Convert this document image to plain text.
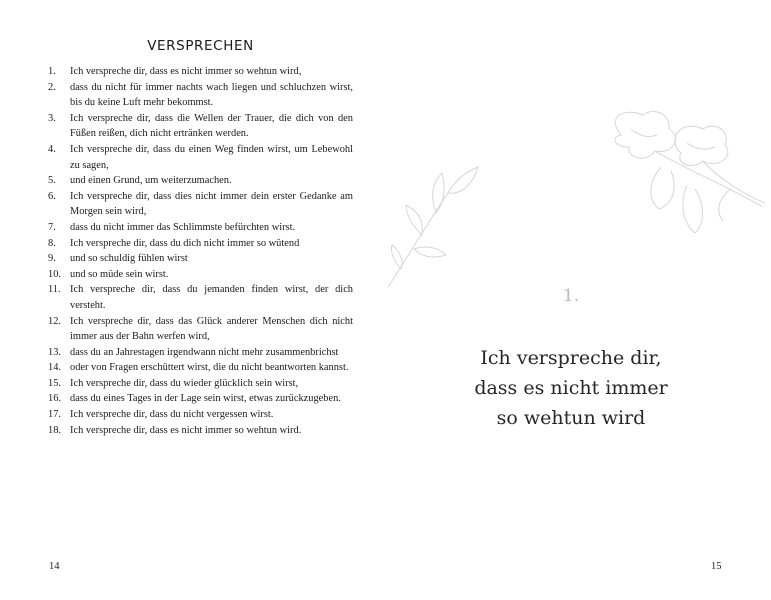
VERSPRECHEN
1.	Ich verspreche dir, dass es nicht immer so wehtun wird,
2.	dass du nicht für immer nachts wach liegen und schluchzen wirst, bis du keine Luft mehr bekommst.
3.	Ich verspreche dir, dass die Wellen der Trauer, die dich von den Füßen reißen, dich nicht ertränken werden.
4.	Ich verspreche dir, dass du einen Weg finden wirst, um Lebewohl zu sagen,
5.	und einen Grund, um weiterzumachen.
6.	Ich verspreche dir, dass dies nicht immer dein erster Gedanke am Morgen sein wird,
7.	dass du nicht immer das Schlimmste befürchten wirst.
8.	Ich verspreche dir, dass du dich nicht immer so wütend
9.	und so schuldig fühlen wirst
10. und so müde sein wirst.
11. Ich verspreche dir, dass du jemanden finden wirst, der dich versteht.
12. Ich verspreche dir, dass das Glück anderer Menschen dich nicht immer aus der Bahn werfen wird,
13. dass du an Jahrestagen irgendwann nicht mehr zusammenbrichst
14. oder von Fragen erschüttert wirst, die du nicht beantworten kannst.
15. Ich verspreche dir, dass du wieder glücklich sein wirst,
16. dass du eines Tages in der Lage sein wirst, etwas zurückzugeben.
17. Ich verspreche dir, dass du nicht vergessen wirst.
18. Ich verspreche dir, dass es nicht immer so wehtun wird.
14
1.
Ich verspreche dir,
dass es nicht immer
so wehtun wird
15
